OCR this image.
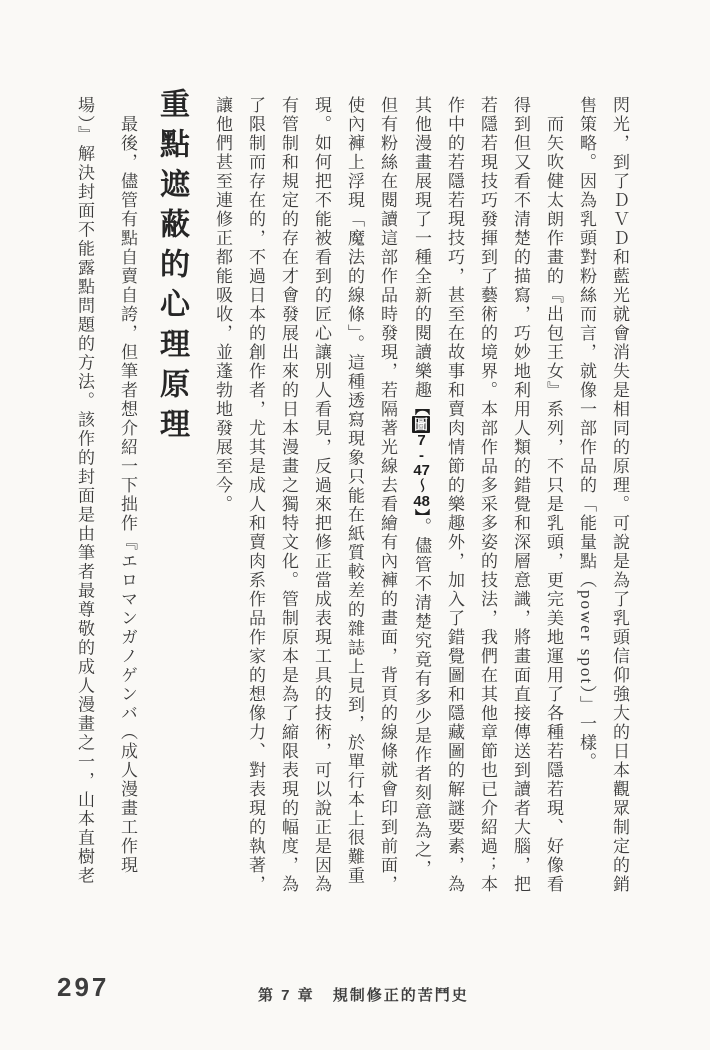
閃光，到了ＤＶＤ和藍光就會消失是相同的原理。可說是為了乳頭信仰強大的日本觀眾制定的銷售策略。因為乳頭對粉絲而言，就像一部作品的「能量點（power spot）」一樣。

　而矢吹健太朗作畫的『出包王女』系列，不只是乳頭，更完美地運用了各種若隱若現、好像看得到但又看不清楚的描寫，巧妙地利用人類的錯覺和深層意識，將畫面直接傳送到讀者大腦，把若隱若現技巧發揮到了藝術的境界。本部作品多采多姿的技法，我們在其他章節也已介紹過；本作中的若隱若現技巧，甚至在故事和賣肉情節的樂趣外，加入了錯覺圖和隱藏圖的解謎要素，為其他漫畫展現了一種全新的閱讀樂趣【圖7-47〜48】。儘管不清楚究竟有多少是作者刻意為之，但有粉絲在閱讀這部作品時發現，若隔著光線去看繪有內褲的畫面，背頁的線條就會印到前面，使內褲上浮現「魔法的線條」。這種透寫現象只能在紙質較差的雜誌上見到，於單行本上很難重現。如何把不能被看到的匠心讓別人看見，反過來把修正當成表現工具的技術，可以說正是因為有管制和規定的存在才會發展出來的日本漫畫之獨特文化。管制原本是為了縮限表現的幅度，為了限制而存在的，不過日本的創作者，尤其是成人和賣肉系作品作家的想像力、對表現的執著，讓他們甚至連修正都能吸收，並蓬勃地發展至今。

重點遮蔽的心理原理

　最後，儘管有點自賣自誇，但筆者想介紹一下拙作『エロマンガノゲンバ（成人漫畫工作現場）』解決封面不能露點問題的方法。該作的封面是由筆者最尊敬的成人漫畫之一，山本直樹老

297	第 7 章 規制修正的苦鬥史
